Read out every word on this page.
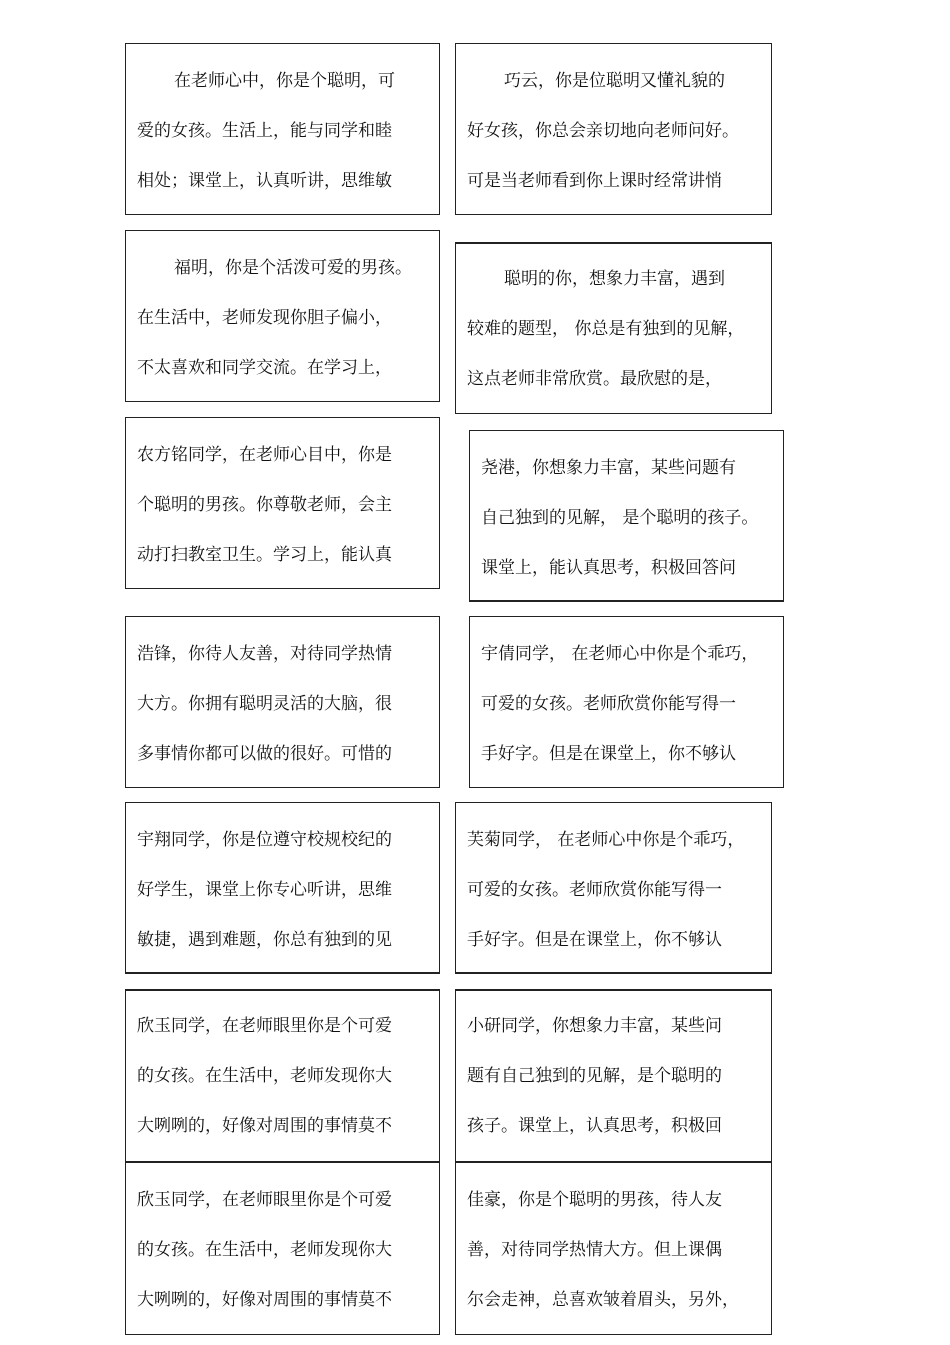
在老师心中，你是个聪明，可
爱的女孩。生活上，能与同学和睦
相处；课堂上，认真听讲，思维敏
巧云，你是位聪明又懂礼貌的
好女孩，你总会亲切地向老师问好。
可是当老师看到你上课时经常讲悄
福明，你是个活泼可爱的男孩。
在生活中，老师发现你胆子偏小，
不太喜欢和同学交流。在学习上，
聪明的你，想象力丰富，遇到
较难的题型， 你总是有独到的见解，
这点老师非常欣赏。最欣慰的是，
农方铭同学，在老师心目中，你是
个聪明的男孩。你尊敬老师，会主
动打扫教室卫生。学习上，能认真
尧港，你想象力丰富，某些问题有
自己独到的见解， 是个聪明的孩子。
课堂上，能认真思考，积极回答问
浩锋，你待人友善，对待同学热情
大方。你拥有聪明灵活的大脑，很
多事情你都可以做的很好。可惜的
宇倩同学， 在老师心中你是个乖巧，
可爱的女孩。老师欣赏你能写得一
手好字。但是在课堂上，你不够认
宇翔同学，你是位遵守校规校纪的
好学生，课堂上你专心听讲，思维
敏捷，遇到难题，你总有独到的见
芙菊同学， 在老师心中你是个乖巧，
可爱的女孩。老师欣赏你能写得一
手好字。但是在课堂上，你不够认
欣玉同学，在老师眼里你是个可爱
的女孩。在生活中，老师发现你大
大咧咧的，好像对周围的事情莫不
小研同学，你想象力丰富，某些问
题有自己独到的见解，是个聪明的
孩子。课堂上，认真思考，积极回
欣玉同学，在老师眼里你是个可爱
的女孩。在生活中，老师发现你大
大咧咧的，好像对周围的事情莫不
佳豪，你是个聪明的男孩，待人友
善，对待同学热情大方。但上课偶
尔会走神，总喜欢皱着眉头，另外，
